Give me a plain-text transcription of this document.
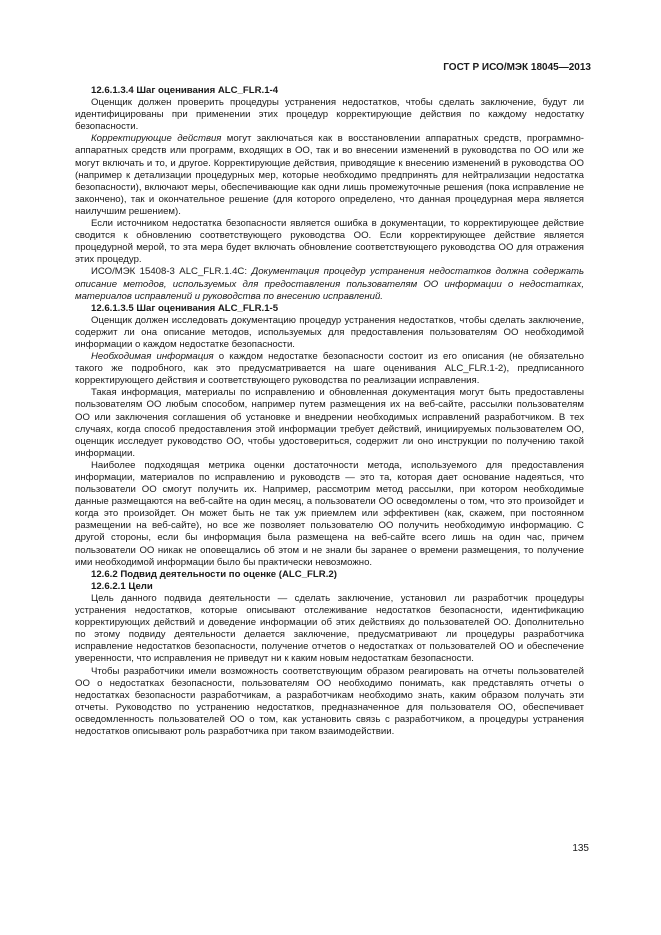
ГОСТ Р ИСО/МЭК 18045—2013
12.6.1.3.4 Шаг оценивания ALC_FLR.1-4

Оценщик должен проверить процедуры устранения недостатков, чтобы сделать заключение, будут ли идентифицированы при применении этих процедур корректирующие действия по каждому недостатку безопасности.

Корректирующие действия могут заключаться как в восстановлении аппаратных средств, программно-аппаратных средств или программ, входящих в ОО, так и во внесении изменений в руководства по ОО или же могут включать и то, и другое. Корректирующие действия, приводящие к внесению изменений в руководства ОО (например к детализации процедурных мер, которые необходимо предпринять для нейтрализации недостатка безопасности), включают меры, обеспечивающие как одни лишь промежуточные решения (пока исправление не закончено), так и окончательное решение (для которого определено, что данная процедурная мера является наилучшим решением).

Если источником недостатка безопасности является ошибка в документации, то корректирующее действие сводится к обновлению соответствующего руководства ОО. Если корректирующее действие является процедурной мерой, то эта мера будет включать обновление соответствующего руководства ОО для отражения этих процедур.

ИСО/МЭК 15408-3 ALC_FLR.1.4С: Документация процедур устранения недостатков должна содержать описание методов, используемых для предоставления пользователям ОО информации о недостатках, материалов исправлений и руководства по внесению исправлений.

12.6.1.3.5 Шаг оценивания ALC_FLR.1-5

Оценщик должен исследовать документацию процедур устранения недостатков, чтобы сделать заключение, содержит ли она описание методов, используемых для предоставления пользователям ОО необходимой информации о каждом недостатке безопасности.

Необходимая информация о каждом недостатке безопасности состоит из его описания (не обязательно такого же подробного, как это предусматривается на шаге оценивания ALC_FLR.1-2), предписанного корректирующего действия и соответствующего руководства по реализации исправления.

Такая информация, материалы по исправлению и обновленная документация могут быть предоставлены пользователям ОО любым способом, например путем размещения их на веб-сайте, рассылки пользователям ОО или заключения соглашения об установке и внедрении необходимых исправлений разработчиком. В тех случаях, когда способ предоставления этой информации требует действий, инициируемых пользователем ОО, оценщик исследует руководство ОО, чтобы удостовериться, содержит ли оно инструкции по получению такой информации.

Наиболее подходящая метрика оценки достаточности метода, используемого для предоставления информации, материалов по исправлению и руководств — это та, которая дает основание надеяться, что пользователи ОО смогут получить их. Например, рассмотрим метод рассылки, при котором необходимые данные размещаются на веб-сайте на один месяц, а пользователи ОО осведомлены о том, что это произойдет и когда это произойдет. Он может быть не так уж приемлем или эффективен (как, скажем, при постоянном размещении на веб-сайте), но все же позволяет пользователю ОО получить необходимую информацию. С другой стороны, если бы информация была размещена на веб-сайте всего лишь на один час, причем пользователи ОО никак не оповещались об этом и не знали бы заранее о времени размещения, то получение ими необходимой информации было бы практически невозможно.

12.6.2 Подвид деятельности по оценке (ALC_FLR.2)
12.6.2.1 Цели

Цель данного подвида деятельности — сделать заключение, установил ли разработчик процедуры устранения недостатков, которые описывают отслеживание недостатков безопасности, идентификацию корректирующих действий и доведение информации об этих действиях до пользователей ОО. Дополнительно по этому подвиду деятельности делается заключение, предусматривают ли процедуры разработчика исправление недостатков безопасности, получение отчетов о недостатках от пользователей ОО и обеспечение уверенности, что исправления не приведут ни к каким новым недостаткам безопасности.

Чтобы разработчики имели возможность соответствующим образом реагировать на отчеты пользователей ОО о недостатках безопасности, пользователям ОО необходимо понимать, как представлять отчеты о недостатках безопасности разработчикам, а разработчикам необходимо знать, каким образом получать эти отчеты. Руководство по устранению недостатков, предназначенное для пользователя ОО, обеспечивает осведомленность пользователей ОО о том, как установить связь с разработчиком, а процедуры устранения недостатков описывают роль разработчика при таком взаимодействии.

135
